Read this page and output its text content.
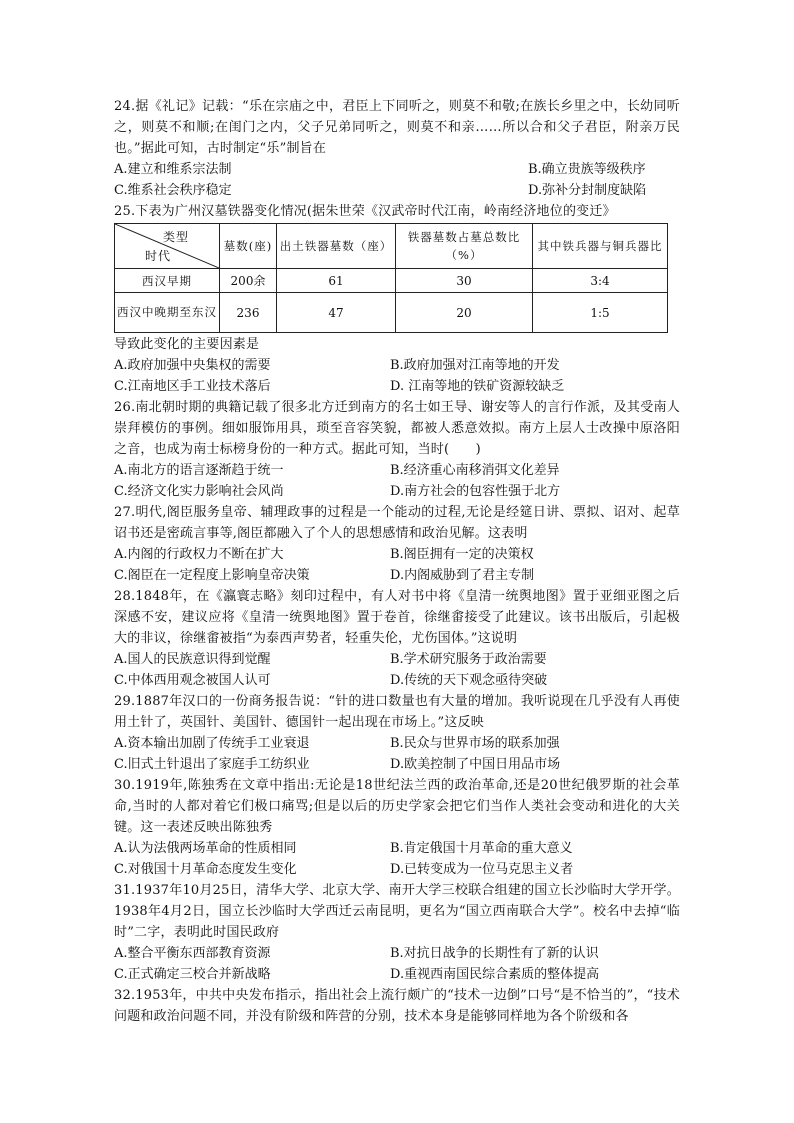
24.据《礼记》记载：“乐在宗庙之中，君臣上下同听之，则莫不和敬;在族长乡里之中，长幼同听之，则莫不和顺;在闺门之内，父子兄弟同听之，则莫不和亲……所以合和父子君臣，附亲万民也。”据此可知，古时制定“乐”制旨在

A.建立和维系宗法制	B.确立贵族等级秩序
C.维系社会秩序稳定	D.弥补分封制度缺陷

25.下表为广州汉墓铁器变化情况(据朱世荣《汉武帝时代江南，岭南经济地位的变迁》

类型
时代	墓数(座)	出土铁器墓数（座）	铁器墓数占墓总数比（%）	其中铁兵器与铜兵器比
西汉早期	200余	61	30	3:4
西汉中晚期至东汉	236	47	20	1:5

导致此变化的主要因素是

A.政府加强中央集权的需要	B.政府加强对江南等地的开发
C.江南地区手工业技术落后	D. 江南等地的铁矿资源较缺乏

26.南北朝时期的典籍记载了很多北方迁到南方的名士如王导、谢安等人的言行作派，及其受南人崇拜模仿的事例。细如服饰用具，琐至音容笑貌，都被人悉意效拟。南方上层人士改操中原洛阳之音，也成为南士标榜身份的一种方式。据此可知，当时(　　)

A.南北方的语言逐渐趋于统一	B.经济重心南移消弭文化差异
C.经济文化实力影响社会风尚	D.南方社会的包容性强于北方

27.明代,阁臣服务皇帝、辅理政事的过程是一个能动的过程,无论是经筵日讲、票拟、诏对、起草诏书还是密疏言事等,阁臣都融入了个人的思想感情和政治见解。这表明

A.内阁的行政权力不断在扩大	B.阁臣拥有一定的决策权
C.阁臣在一定程度上影响皇帝决策	D.内阁威胁到了君主专制

28.1848年，在《瀛寰志略》刻印过程中，有人对书中将《皇清一统舆地图》置于亚细亚图之后深感不安，建议应将《皇清一统舆地图》置于卷首，徐继畬接受了此建议。该书出版后，引起极大的非议，徐继畬被指“为泰西声势者，轻重失伦，尤伤国体。”这说明

A.国人的民族意识得到觉醒	B.学术研究服务于政治需要
C.中体西用观念被国人认可	D.传统的天下观念亟待突破

29.1887年汉口的一份商务报告说：“针的进口数量也有大量的增加。我听说现在几乎没有人再使用土针了，英国针、美国针、德国针一起出现在市场上。”这反映

A.资本输出加剧了传统手工业衰退	B.民众与世界市场的联系加强
C.旧式土针退出了家庭手工纺织业	D.欧美控制了中国日用品市场

30.1919年,陈独秀在文章中指出:无论是18世纪法兰西的政治革命,还是20世纪俄罗斯的社会革命,当时的人都对着它们极口痛骂;但是以后的历史学家会把它们当作人类社会变动和进化的大关键。这一表述反映出陈独秀

A.认为法俄两场革命的性质相同	B.肯定俄国十月革命的重大意义
C.对俄国十月革命态度发生变化	D.已转变成为一位马克思主义者

31.1937年10月25日，清华大学、北京大学、南开大学三校联合组建的国立长沙临时大学开学。1938年4月2日，国立长沙临时大学西迁云南昆明，更名为“国立西南联合大学”。校名中去掉“临时”二字，表明此时国民政府

A.整合平衡东西部教育资源	B.对抗日战争的长期性有了新的认识
C.正式确定三校合并新战略	D.重视西南国民综合素质的整体提高

32.1953年，中共中央发布指示，指出社会上流行颇广的“技术一边倒”口号“是不恰当的”，“技术问题和政治问题不同，并没有阶级和阵营的分别，技术本身是能够同样地为各个阶级和各
